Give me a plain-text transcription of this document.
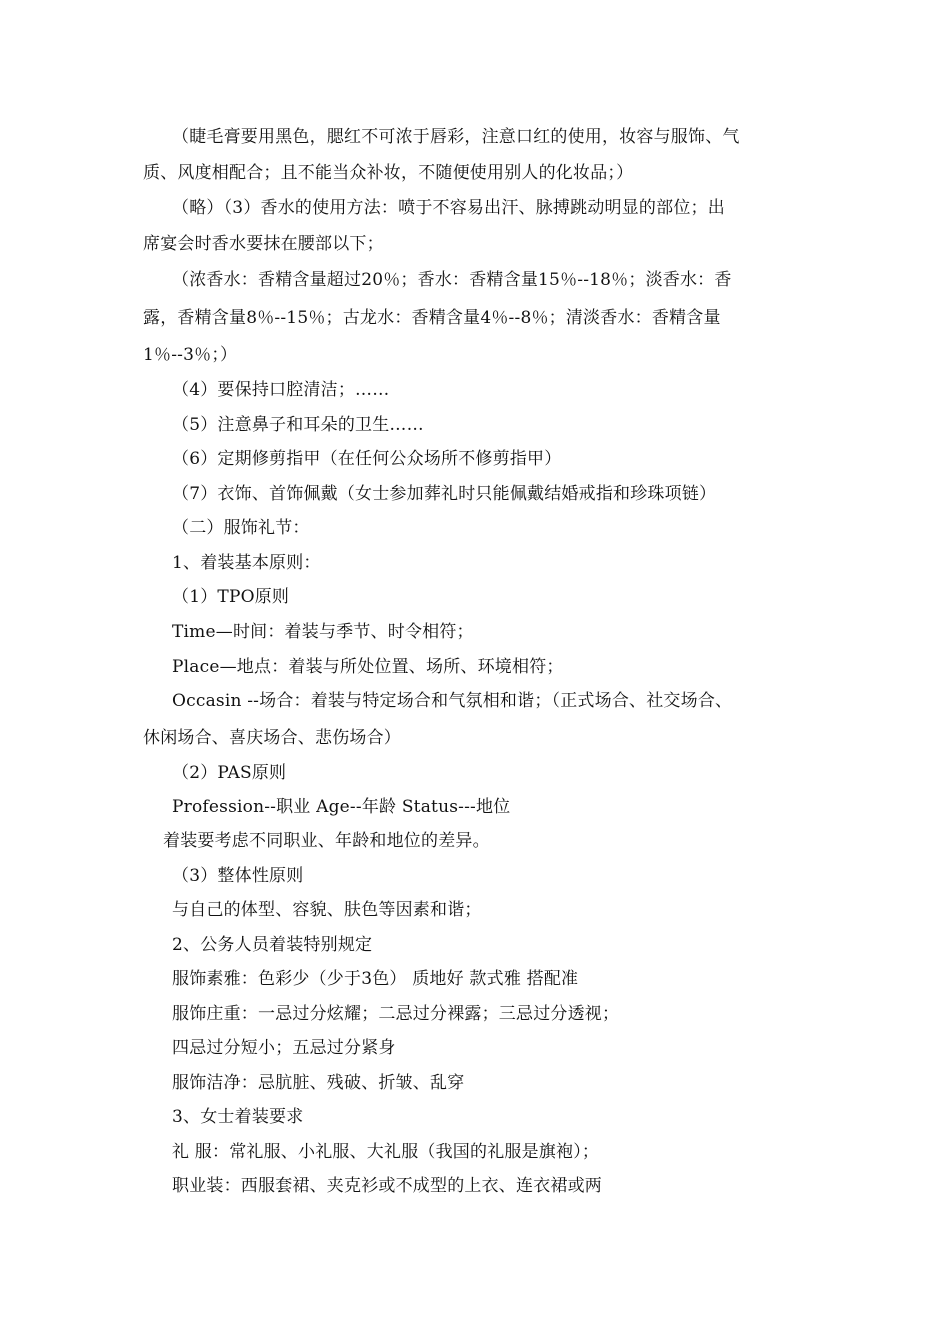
（睫毛膏要用黑色，腮红不可浓于唇彩，注意口红的使用，妆容与服饰、气
质、风度相配合；且不能当众补妆，不随便使用别人的化妆品；）
（略）（3）香水的使用方法：喷于不容易出汗、脉搏跳动明显的部位；出
席宴会时香水要抹在腰部以下；
（浓香水：香精含量超过20％；香水：香精含量15％--18％；淡香水：香
露，香精含量8％--15％；古龙水：香精含量4％--8％；清淡香水：香精含量
1％--3％；）
（4）要保持口腔清洁；……
（5）注意鼻子和耳朵的卫生……
（6）定期修剪指甲（在任何公众场所不修剪指甲）
（7）衣饰、首饰佩戴（女士参加葬礼时只能佩戴结婚戒指和珍珠项链）
（二）服饰礼节：
1、着装基本原则：
（1）TPO原则
Time—时间：着装与季节、时令相符；
Place—地点：着装与所处位置、场所、环境相符；
Occasin --场合：着装与特定场合和气氛相和谐；（正式场合、社交场合、
休闲场合、喜庆场合、悲伤场合）
（2）PAS原则
Profession--职业 Age--年龄 Status---地位
着装要考虑不同职业、年龄和地位的差异。
（3）整体性原则
与自己的体型、容貌、肤色等因素和谐；
2、公务人员着装特别规定
服饰素雅：色彩少（少于3色） 质地好 款式雅 搭配准
服饰庄重：一忌过分炫耀；二忌过分裸露；三忌过分透视；
四忌过分短小；五忌过分紧身
服饰洁净：忌肮脏、残破、折皱、乱穿
3、女士着装要求
礼 服：常礼服、小礼服、大礼服（我国的礼服是旗袍）；
职业装：西服套裙、夹克衫或不成型的上衣、连衣裙或两
